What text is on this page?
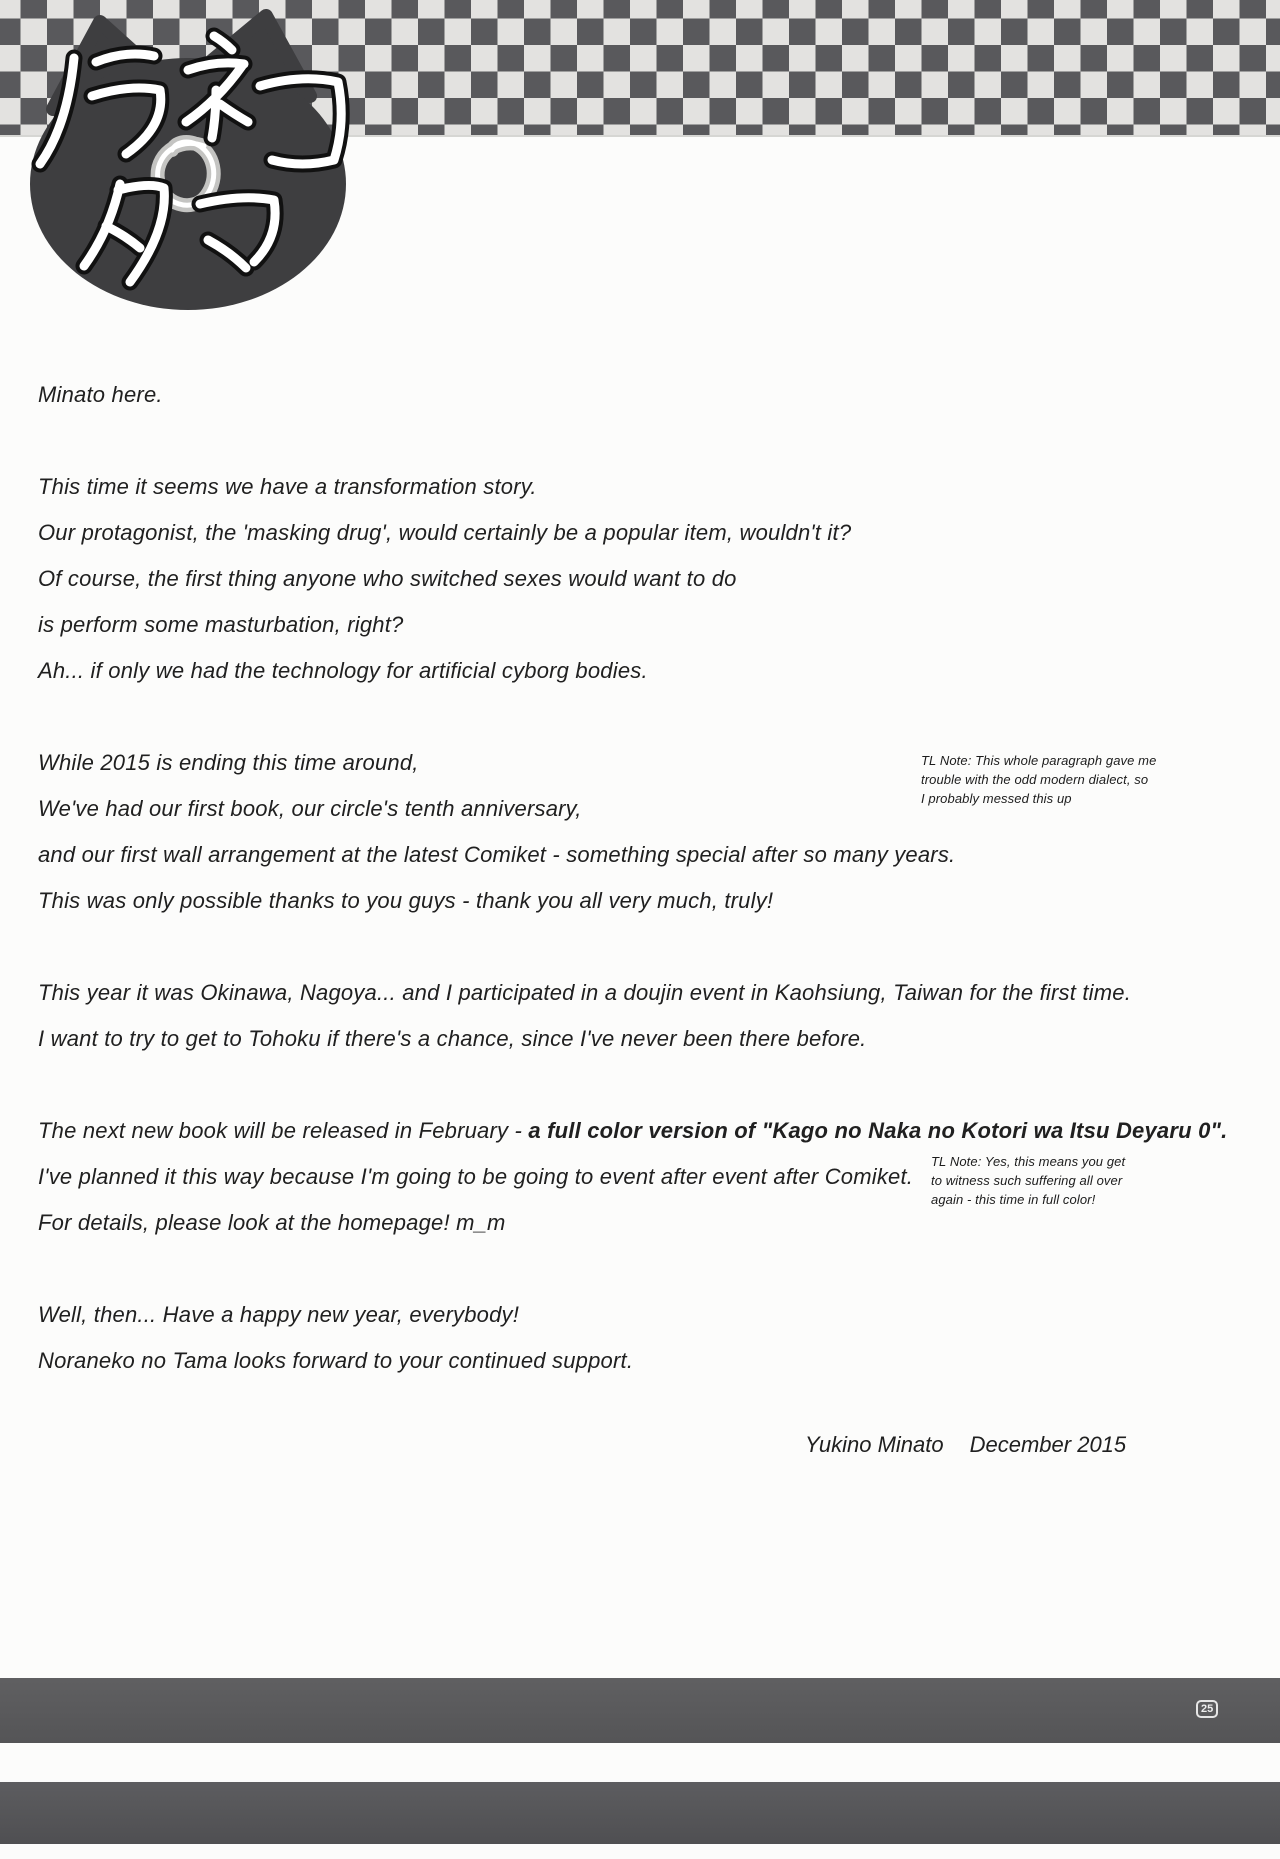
Minato here.

This time it seems we have a transformation story.
Our protagonist, the 'masking drug', would certainly be a popular item, wouldn't it?
Of course, the first thing anyone who switched sexes would want to do
is perform some masturbation, right?
Ah... if only we had the technology for artificial cyborg bodies.

While 2015 is ending this time around,
We've had our first book, our circle's tenth anniversary,
and our first wall arrangement at the latest Comiket - something special after so many years.
This was only possible thanks to you guys - thank you all very much, truly!

This year it was Okinawa, Nagoya... and I participated in a doujin event in Kaohsiung, Taiwan for the first time.
I want to try to get to Tohoku if there's a chance, since I've never been there before.

The next new book will be released in February - a full color version of "Kago no Naka no Kotori wa Itsu Deyaru 0".
I've planned it this way because I'm going to be going to event after event after Comiket.
For details, please look at the homepage! m_m

Well, then... Have a happy new year, everybody!
Noraneko no Tama looks forward to your continued support.
TL Note: This whole paragraph gave me
trouble with the odd modern dialect, so
I probably messed this up
TL Note: Yes, this means you get
to witness such suffering all over
again - this time in full color!
Yukino Minato December 2015
25
